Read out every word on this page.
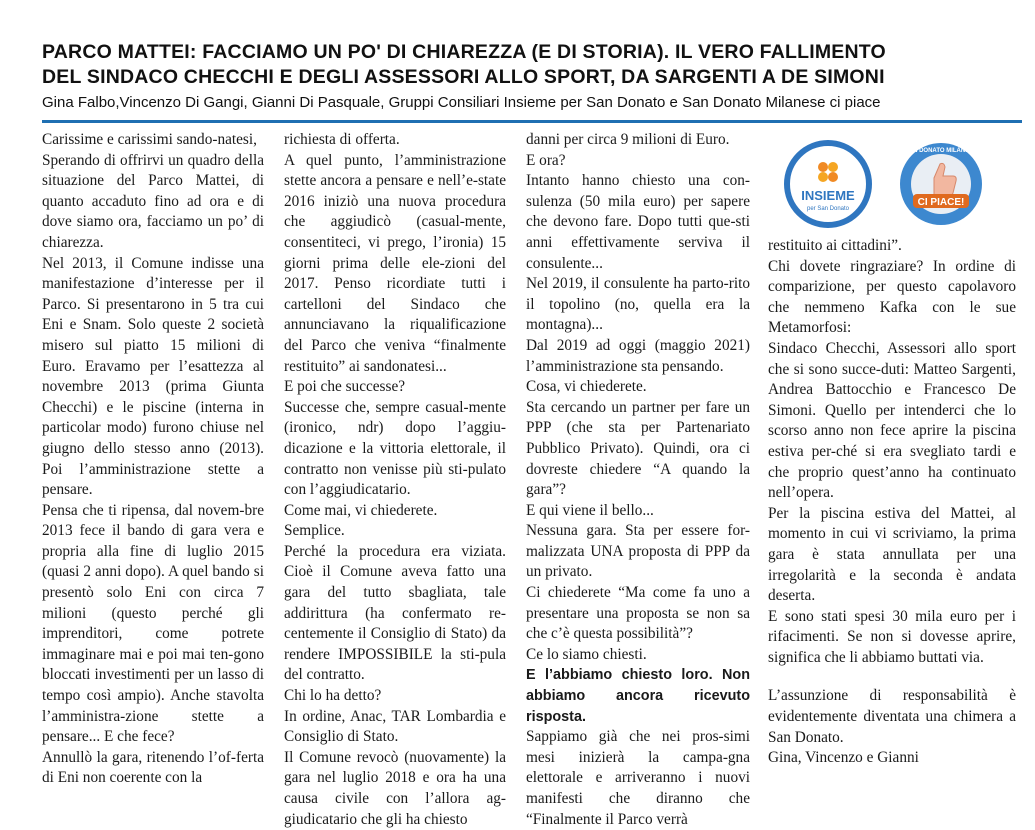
PARCO MATTEI: FACCIAMO UN PO' DI CHIAREZZA (E DI STORIA). IL VERO FALLIMENTO
DEL SINDACO CHECCHI E DEGLI ASSESSORI ALLO SPORT, DA SARGENTI A DE SIMONI
Gina Falbo,Vincenzo Di Gangi, Gianni Di Pasquale, Gruppi Consiliari Insieme per San Donato e San Donato Milanese ci piace

Carissime e carissimi sando-natesi,

Sperando di offrirvi un quadro della situazione del Parco Mattei, di quanto accaduto fino ad ora e di dove siamo ora, facciamo un po’ di chiarezza.

Nel 2013, il Comune indisse una manifestazione d’interesse per il Parco. Si presentarono in 5 tra cui Eni e Snam. Solo queste 2 società misero sul piatto 15 milioni di Euro. Eravamo per l’esattezza al novembre 2013 (prima Giunta Checchi) e le piscine (interna in particolar modo) furono chiuse nel giugno dello stesso anno (2013). Poi l’amministrazione stette a pensare.

Pensa che ti ripensa, dal novem-bre 2013 fece il bando di gara vera e propria alla fine di luglio 2015 (quasi 2 anni dopo). A quel bando si presentò solo Eni con circa 7 milioni (questo perché gli imprenditori, come potrete immaginare mai e poi mai ten-gono bloccati investimenti per un lasso di tempo così ampio). Anche stavolta l’amministra-zione stette a pensare... E che fece?

Annullò la gara, ritenendo l’of-ferta di Eni non coerente con la

richiesta di offerta.

A quel punto, l’amministrazione stette ancora a pensare e nell’e-state 2016 iniziò una nuova procedura che aggiudicò (casual-mente, consentiteci, vi prego, l’ironia) 15 giorni prima delle ele-zioni del 2017. Penso ricordiate tutti i cartelloni del Sindaco che annunciavano la riqualificazione del Parco che veniva “finalmente restituito” ai sandonatesi...

E poi che successe?

Successe che, sempre casual-mente (ironico, ndr) dopo l’aggiu-dicazione e la vittoria elettorale, il contratto non venisse più sti-pulato con l’aggiudicatario.

Come mai, vi chiederete.

Semplice.

Perché la procedura era viziata. Cioè il Comune aveva fatto una gara del tutto sbagliata, tale addirittura (ha confermato re-centemente il Consiglio di Stato) da rendere IMPOSSIBILE la sti-pula del contratto.

Chi lo ha detto?

In ordine, Anac, TAR Lombardia e Consiglio di Stato.

Il Comune revocò (nuovamente) la gara nel luglio 2018 e ora ha una causa civile con l’allora ag-giudicatario che gli ha chiesto

danni per circa 9 milioni di Euro.

E ora?

Intanto hanno chiesto una con-sulenza (50 mila euro) per sapere che devono fare. Dopo tutti que-sti anni effettivamente serviva il consulente...

Nel 2019, il consulente ha parto-rito il topolino (no, quella era la montagna)...

Dal 2019 ad oggi (maggio 2021) l’amministrazione sta pensando.

Cosa, vi chiederete.

Sta cercando un partner per fare un PPP (che sta per Partenariato Pubblico Privato). Quindi, ora ci dovreste chiedere “A quando la gara”?

E qui viene il bello...

Nessuna gara. Sta per essere for-malizzata UNA proposta di PPP da un privato.

Ci chiederete “Ma come fa uno a presentare una proposta se non sa che c’è questa possibilità”?

Ce lo siamo chiesti.

E l’abbiamo chiesto loro. Non abbiamo ancora ricevuto risposta.

Sappiamo già che nei pros-simi mesi inizierà la campa-gna elettorale e arriveranno i nuovi manifesti che diranno che “Finalmente il Parco verrà

INSIEME
per San Donato
CI PIACE!
SAN DONATO MILANESE

restituito ai cittadini”.

Chi dovete ringraziare? In ordine di comparizione, per questo capolavoro che nemmeno Kafka con le sue Metamorfosi:

Sindaco Checchi, Assessori allo sport che si sono succe-duti: Matteo Sargenti, Andrea Battocchio e Francesco De Simoni. Quello per intenderci che lo scorso anno non fece aprire la piscina estiva per-ché si era svegliato tardi e che proprio quest’anno ha continuato nell’opera.

Per la piscina estiva del Mattei, al momento in cui vi scriviamo, la prima gara è stata annullata per una irregolarità e la seconda è andata deserta.

E sono stati spesi 30 mila euro per i rifacimenti. Se non si dovesse aprire, significa che li abbiamo buttati via.

L’assunzione di responsabilità è evidentemente diventata una chimera a San Donato.

Gina, Vincenzo e Gianni
